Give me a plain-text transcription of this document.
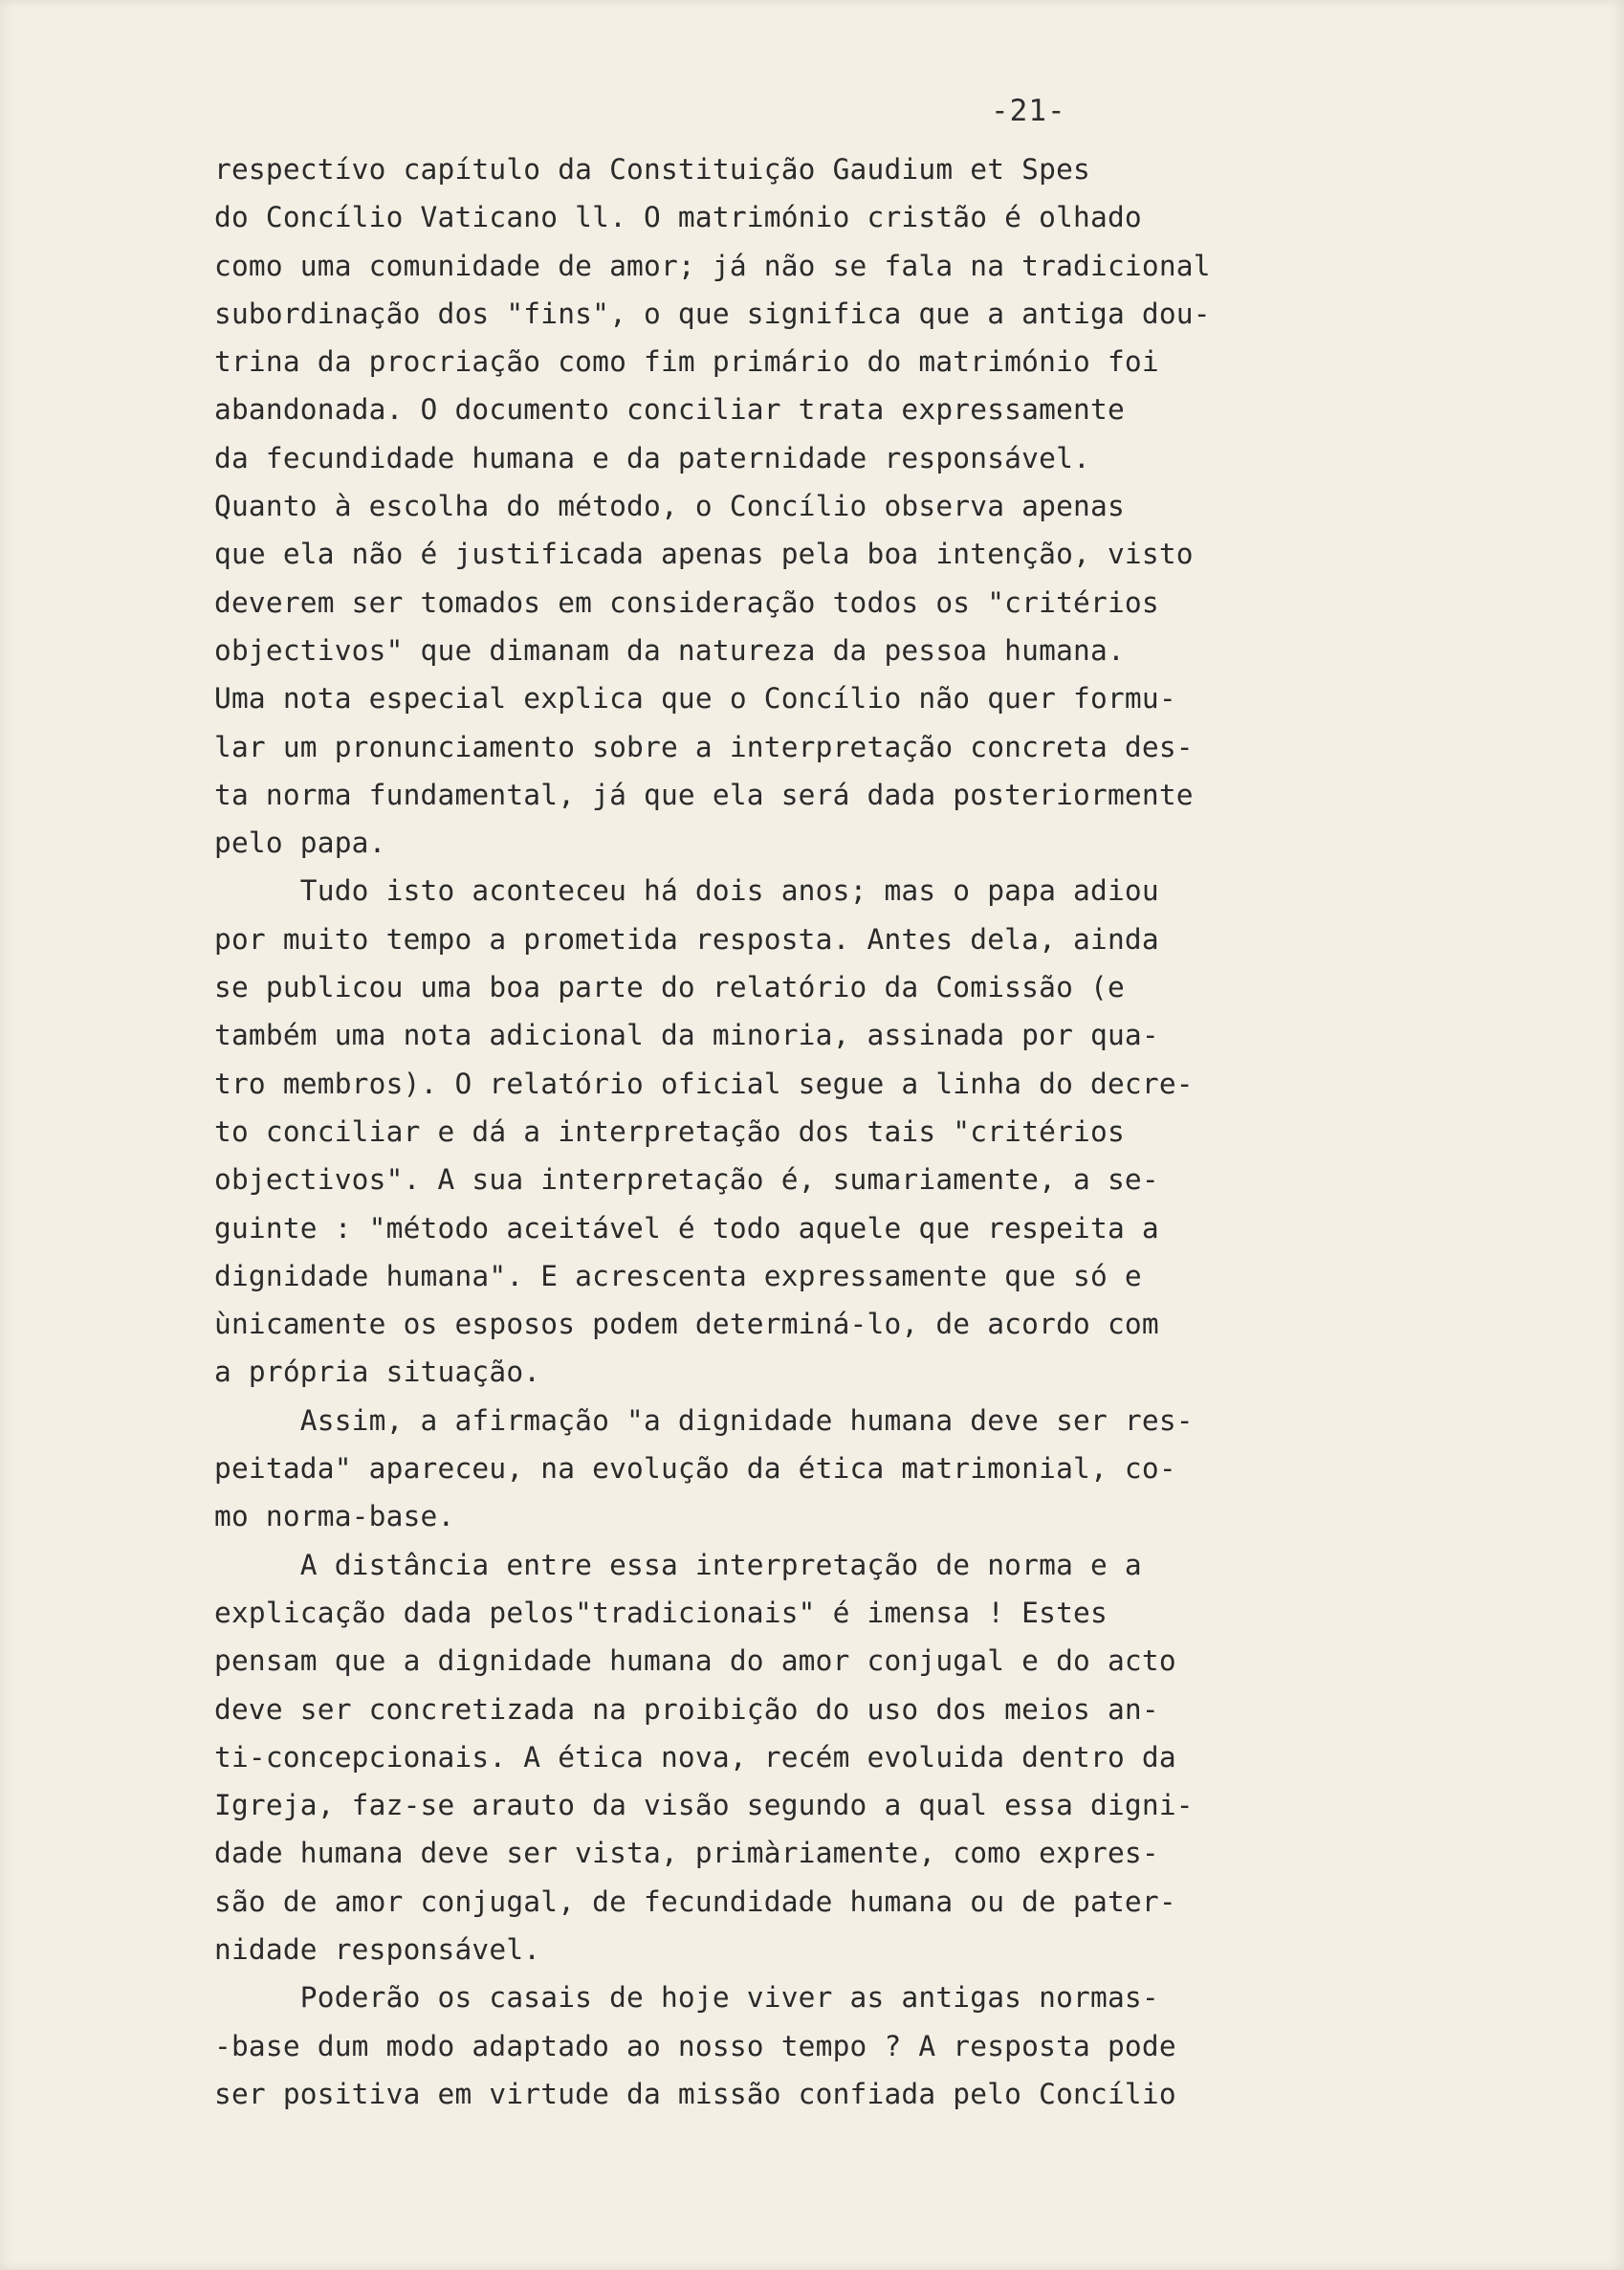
-21-
respectívo capítulo da Constituição Gaudium et Spes
do Concílio Vaticano ll. O matrimónio cristão é olhado
como uma comunidade de amor; já não se fala na tradicional
subordinação dos "fins", o que significa que a antiga dou-
trina da procriação como fim primário do matrimónio foi
abandonada. O documento conciliar trata expressamente
da fecundidade humana e da paternidade responsável.
Quanto à escolha do método, o Concílio observa apenas
que ela não é justificada apenas pela boa intenção, visto
deverem ser tomados em consideração todos os "critérios
objectivos" que dimanam da natureza da pessoa humana.
Uma nota especial explica que o Concílio não quer formu-
lar um pronunciamento sobre a interpretação concreta des-
ta norma fundamental, já que ela será dada posteriormente
pelo papa.
Tudo isto aconteceu há dois anos; mas o papa adiou
por muito tempo a prometida resposta. Antes dela, ainda
se publicou uma boa parte do relatório da Comissão (e
também uma nota adicional da minoria, assinada por qua-
tro membros). O relatório oficial segue a linha do decre-
to conciliar e dá a interpretação dos tais "critérios
objectivos". A sua interpretação é, sumariamente, a se-
guinte : "método aceitável é todo aquele que respeita a
dignidade humana". E acrescenta expressamente que só e
ùnicamente os esposos podem determiná-lo, de acordo com
a própria situação.
Assim, a afirmação "a dignidade humana deve ser res-
peitada" apareceu, na evolução da ética matrimonial, co-
mo norma-base.
A distância entre essa interpretação de norma e a
explicação dada pelos"tradicionais" é imensa ! Estes
pensam que a dignidade humana do amor conjugal e do acto
deve ser concretizada na proibição do uso dos meios an-
ti-concepcionais. A ética nova, recém evoluida dentro da
Igreja, faz-se arauto da visão segundo a qual essa digni-
dade humana deve ser vista, primàriamente, como expres-
são de amor conjugal, de fecundidade humana ou de pater-
nidade responsável.
Poderão os casais de hoje viver as antigas normas-
-base dum modo adaptado ao nosso tempo ? A resposta pode
ser positiva em virtude da missão confiada pelo Concílio
